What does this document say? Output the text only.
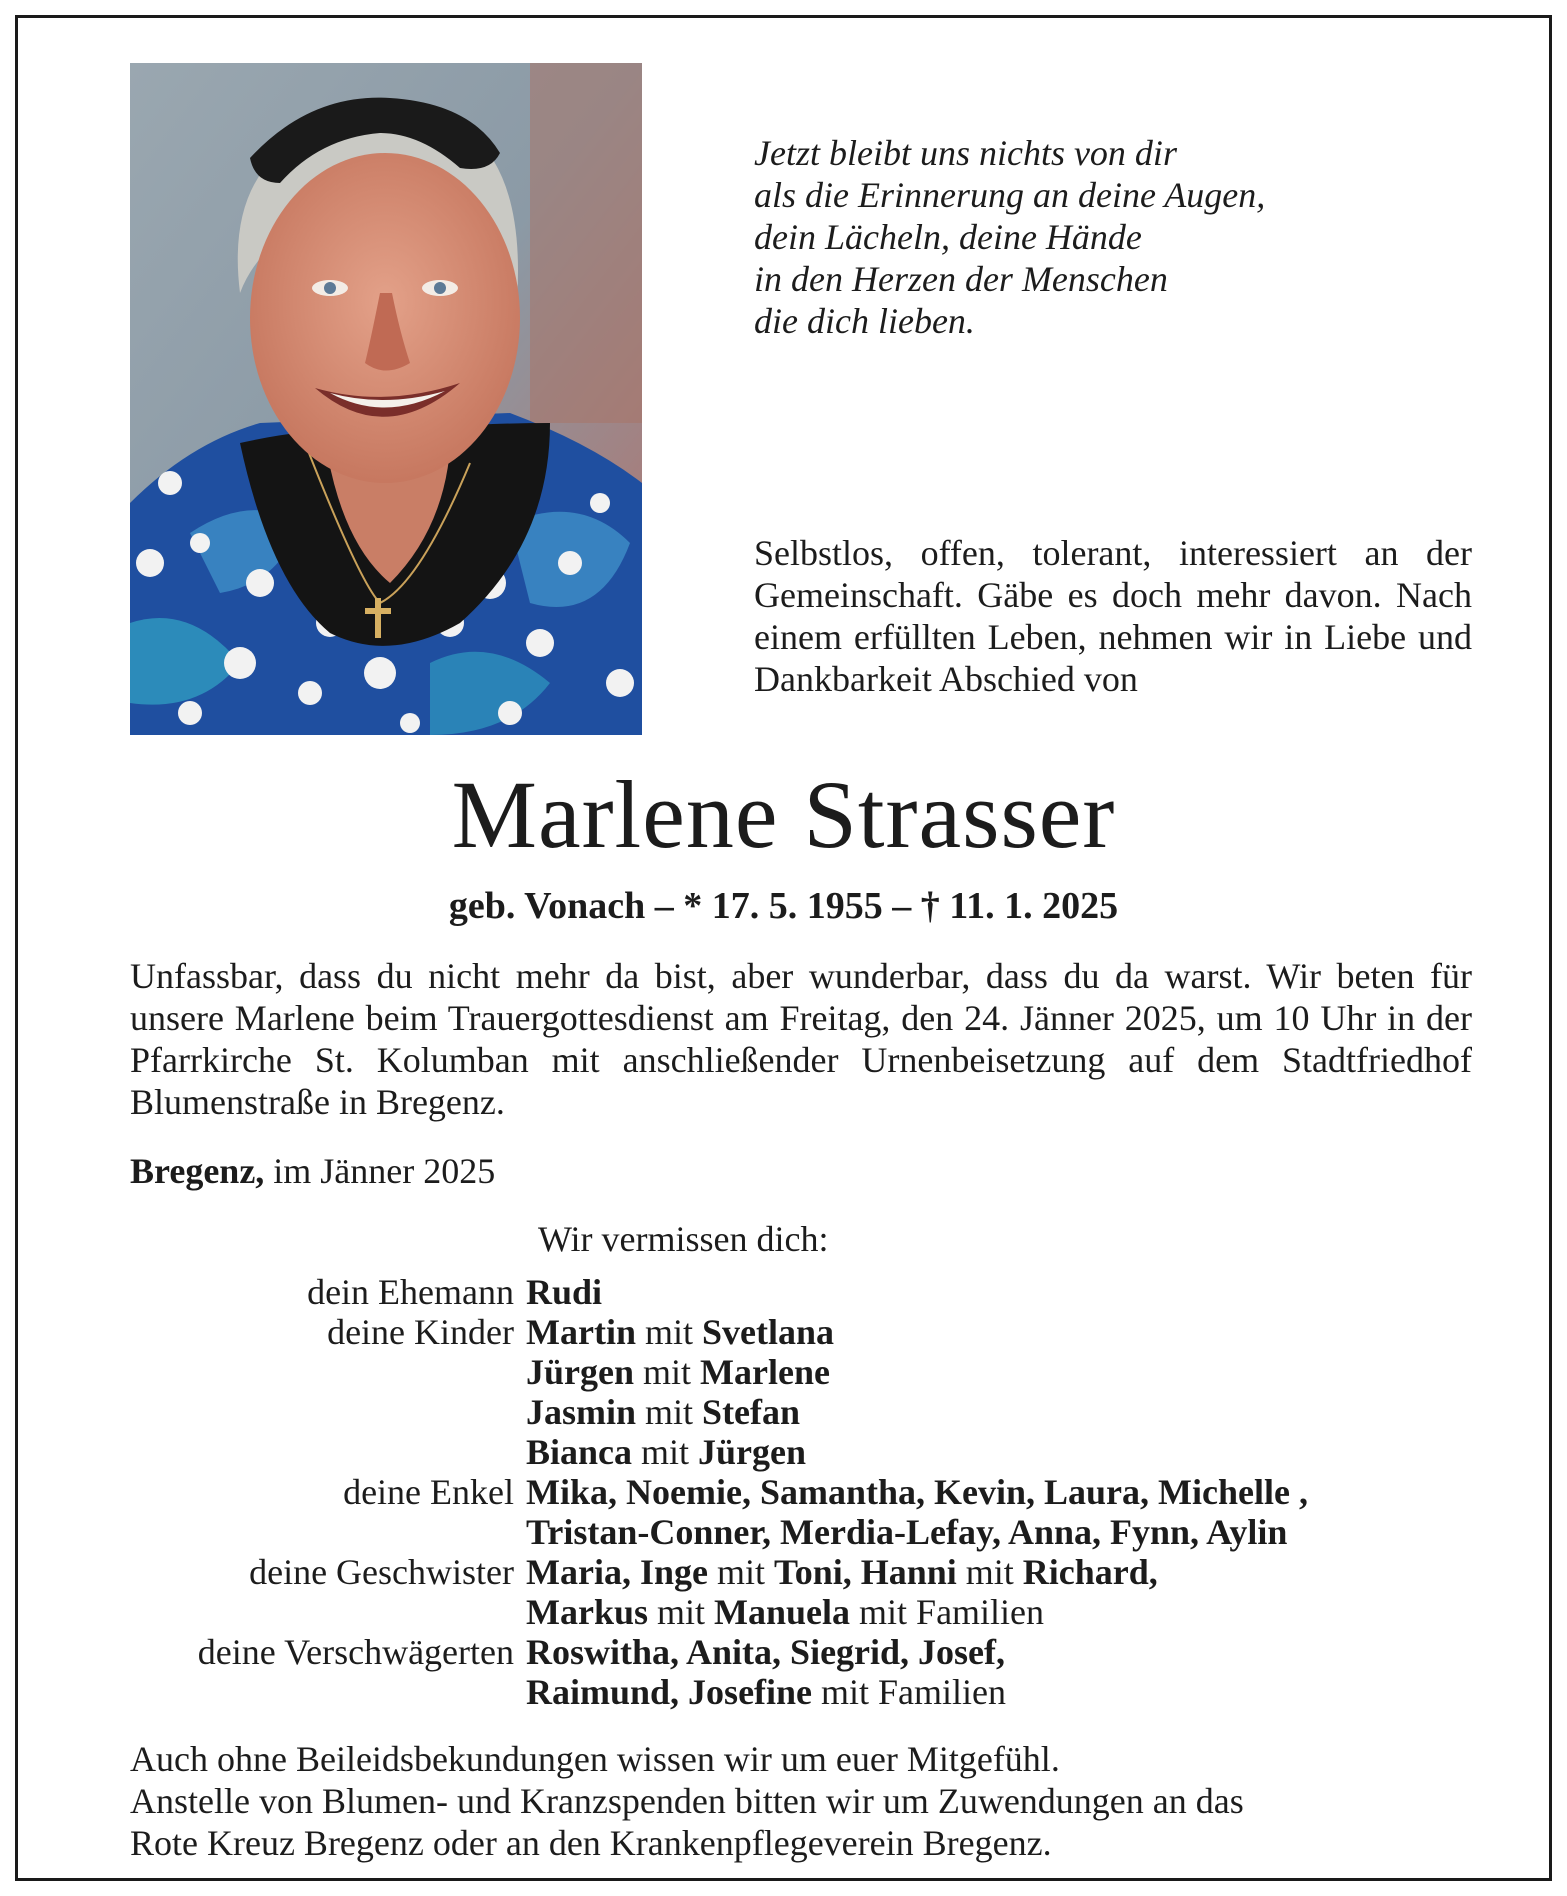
Jetzt bleibt uns nichts von dir
als die Erinnerung an deine Augen,
dein Lächeln, deine Hände
in den Herzen der Menschen
die dich lieben.
Selbstlos, offen, tolerant, interessiert an der Gemeinschaft. Gäbe es doch mehr davon. Nach einem erfüllten Leben, nehmen wir in Liebe und Dankbarkeit Abschied von
Marlene Strasser
geb. Vonach – * 17. 5. 1955 – † 11. 1. 2025
Unfassbar, dass du nicht mehr da bist, aber wunderbar, dass du da warst. Wir beten für unsere Marlene beim Trauergottesdienst am Freitag, den 24. Jänner 2025, um 10 Uhr in der Pfarrkirche St. Kolumban mit anschließender Urnenbeisetzung auf dem Stadtfriedhof Blumenstraße in Bregenz.
Bregenz, im Jänner 2025
Wir vermissen dich:
dein Ehemann Rudi
deine Kinder Martin mit Svetlana
Jürgen mit Marlene
Jasmin mit Stefan
Bianca mit Jürgen
deine Enkel Mika, Noemie, Samantha, Kevin, Laura, Michelle ,
Tristan-Conner, Merdia-Lefay, Anna, Fynn, Aylin
deine Geschwister Maria, Inge mit Toni, Hanni mit Richard,
Markus mit Manuela mit Familien
deine Verschwägerten Roswitha, Anita, Siegrid, Josef,
Raimund, Josefine mit Familien
Auch ohne Beileidsbekundungen wissen wir um euer Mitgefühl.
Anstelle von Blumen- und Kranzspenden bitten wir um Zuwendungen an das
Rote Kreuz Bregenz oder an den Krankenpflegeverein Bregenz.
